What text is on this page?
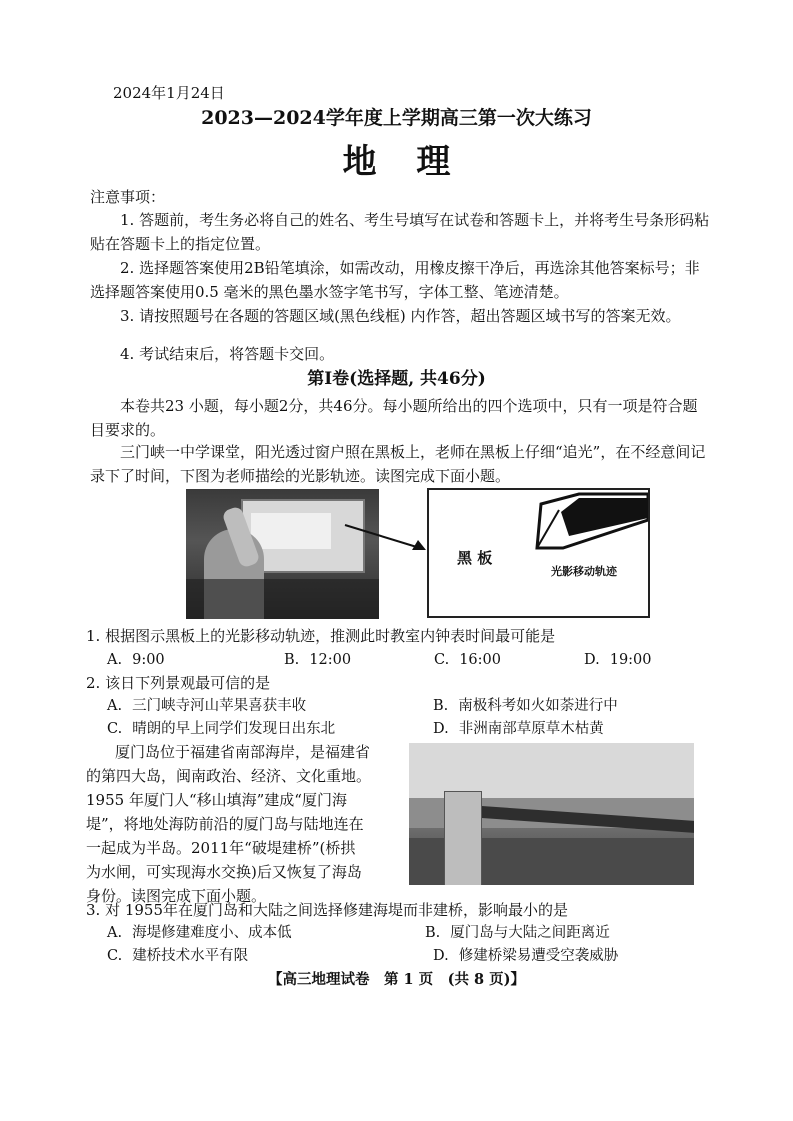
2024年1月24日
2023—2024学年度上学期高三第一次大练习
地 理
注意事项：
1. 答题前，考生务必将自己的姓名、考生号填写在试卷和答题卡上，并将考生号条形码粘贴在答题卡上的指定位置。
2. 选择题答案使用2B铅笔填涂，如需改动，用橡皮擦干净后，再选涂其他答案标号；非选择题答案使用0.5 毫米的黑色墨水签字笔书写，字体工整、笔迹清楚。
3. 请按照题号在各题的答题区域(黑色线框) 内作答，超出答题区域书写的答案无效。
4. 考试结束后，将答题卡交回。
第Ⅰ卷(选择题, 共46分)
本卷共23 小题，每小题2分，共46分。每小题所给出的四个选项中，只有一项是符合题目要求的。
三门峡一中学课堂，阳光透过窗户照在黑板上，老师在黑板上仔细“追光”，在不经意间记录下了时间，下图为老师描绘的光影轨迹。读图完成下面小题。
黑 板
光影移动轨迹
1. 根据图示黑板上的光影移动轨迹，推测此时教室内钟表时间最可能是
A. 9:00	B. 12:00	C. 16:00	D. 19:00
2. 该日下列景观最可信的是
A. 三门峡寺河山苹果喜获丰收	B. 南极科考如火如荼进行中
C. 晴朗的早上同学们发现日出东北	D. 非洲南部草原草木枯黄
厦门岛位于福建省南部海岸，是福建省
的第四大岛，闽南政治、经济、文化重地。
1955 年厦门人“移山填海”建成“厦门海
堤”，将地处海防前沿的厦门岛与陆地连在
一起成为半岛。2011年“破堤建桥”(桥拱
为水闸，可实现海水交换)后又恢复了海岛
身份。读图完成下面小题。
3. 对 1955年在厦门岛和大陆之间选择修建海堤而非建桥，影响最小的是
A. 海堤修建难度小、成本低	B. 厦门岛与大陆之间距离近
C. 建桥技术水平有限	D. 修建桥梁易遭受空袭威胁
【高三地理试卷　第 1 页　(共 8 页)】
